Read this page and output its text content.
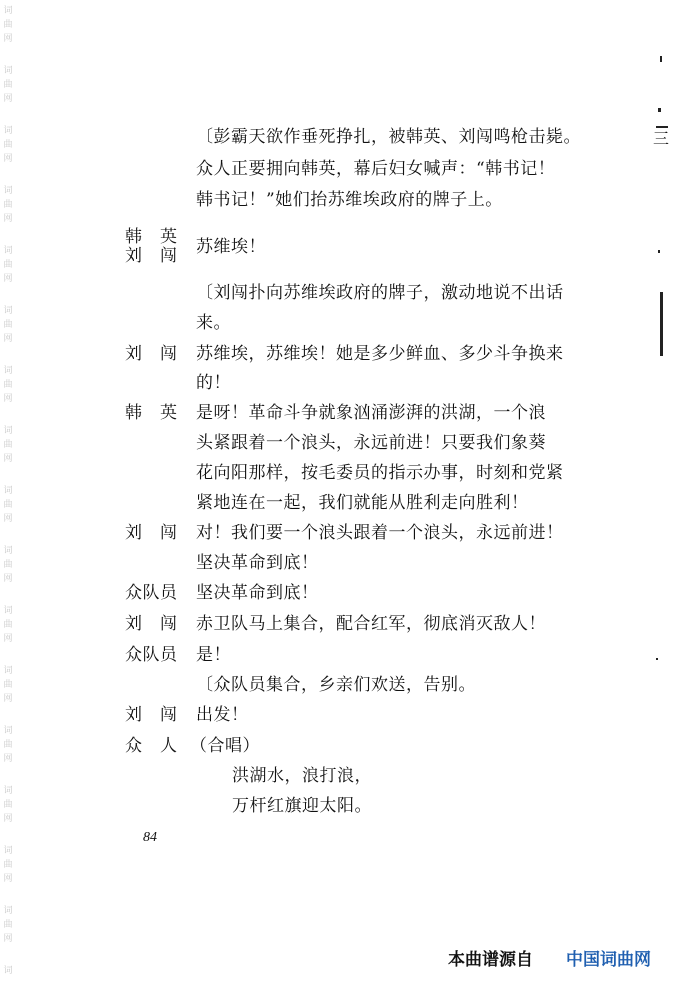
词
曲
网
词
曲
网
词
曲
网
词
曲
网
词
曲
网
词
曲
网
词
曲
网
词
曲
网
词
曲
网
词
曲
网
词
曲
网
词
曲
网
词
曲
网
词
曲
网
词
曲
网
词
曲
网
词
三
〔彭霸天欲作垂死挣扎，被韩英、刘闯鸣枪击毙。
众人正要拥向韩英，幕后妇女喊声：“韩书记！
韩书记！”她们抬苏维埃政府的牌子上。
韩　英
刘　闯 苏维埃！
〔刘闯扑向苏维埃政府的牌子，激动地说不出话
来。
刘　闯 苏维埃，苏维埃！她是多少鲜血、多少斗争换来
的！
韩　英 是呀！革命斗争就象汹涌澎湃的洪湖，一个浪
头紧跟着一个浪头，永远前进！只要我们象葵
花向阳那样，按毛委员的指示办事，时刻和党紧
紧地连在一起，我们就能从胜利走向胜利！
刘　闯 对！我们要一个浪头跟着一个浪头，永远前进！
坚决革命到底！
众队员 坚决革命到底！
刘　闯 赤卫队马上集合，配合红军，彻底消灭敌人！
众队员 是！
〔众队员集合，乡亲们欢送，告别。
刘　闯 出发！
众　人 （合唱）
洪湖水，浪打浪，
万杆红旗迎太阳。
84
本曲谱源自 中国词曲网
